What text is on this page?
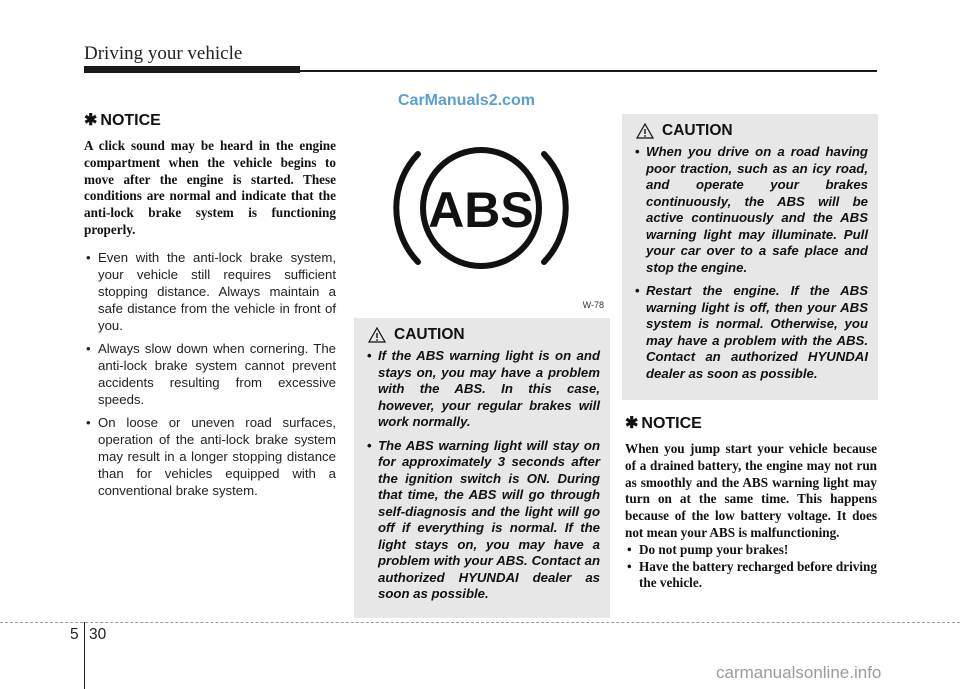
Driving your vehicle
CarManuals2.com
✱ NOTICE

A click sound may be heard in the engine compartment when the vehicle begins to move after the engine is started. These conditions are normal and indicate that the anti-lock brake system is functioning properly.

• Even with the anti-lock brake system, your vehicle still requires sufficient stopping distance. Always maintain a safe distance from the vehicle in front of you.
• Always slow down when cornering. The anti-lock brake system cannot prevent accidents resulting from excessive speeds.
• On loose or uneven road surfaces, operation of the anti-lock brake system may result in a longer stopping distance than for vehicles equipped with a conventional brake system.
ABS
W-78
CAUTION
• If the ABS warning light is on and stays on, you may have a problem with the ABS. In this case, however, your regular brakes will work normally.
• The ABS warning light will stay on for approximately 3 seconds after the ignition switch is ON. During that time, the ABS will go through self-diagnosis and the light will go off if everything is normal. If the light stays on, you may have a problem with your ABS. Contact an authorized HYUNDAI dealer as soon as possible.
CAUTION
• When you drive on a road having poor traction, such as an icy road, and operate your brakes continuously, the ABS will be active continuously and the ABS warning light may illuminate. Pull your car over to a safe place and stop the engine.
• Restart the engine. If the ABS warning light is off, then your ABS system is normal. Otherwise, you may have a problem with the ABS. Contact an authorized HYUNDAI dealer as soon as possible.
✱ NOTICE

When you jump start your vehicle because of a drained battery, the engine may not run as smoothly and the ABS warning light may turn on at the same time. This happens because of the low battery voltage. It does not mean your ABS is malfunctioning.

• Do not pump your brakes!
• Have the battery recharged before driving the vehicle.
5 30
carmanualsonline.info
